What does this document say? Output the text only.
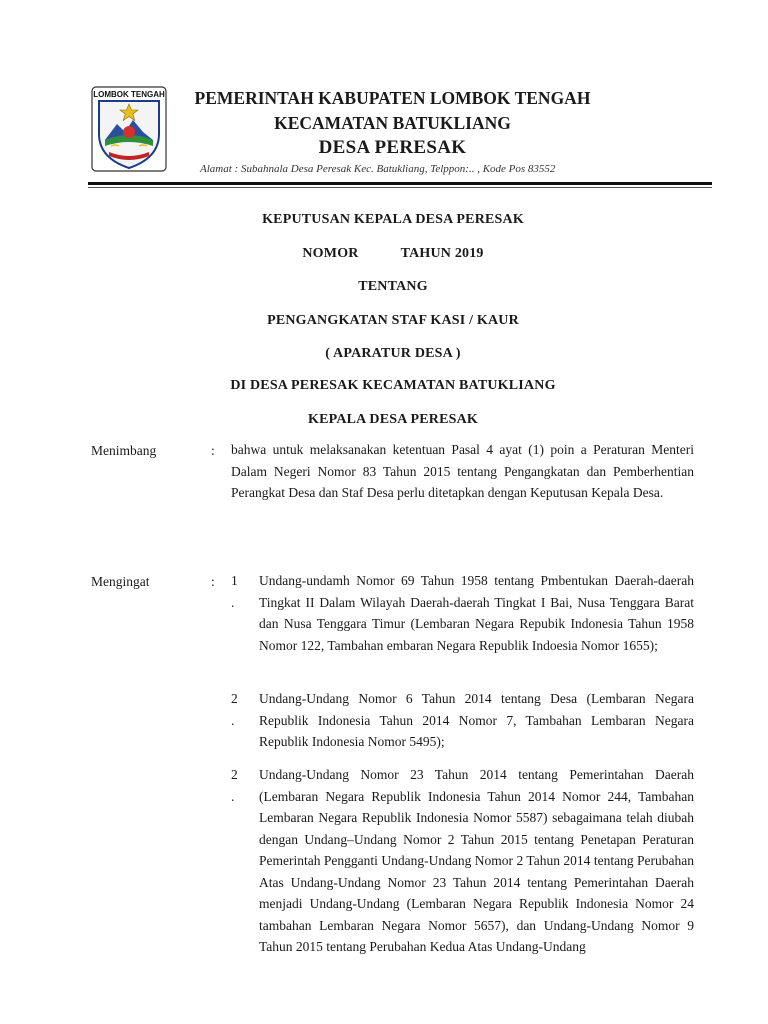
LOMBOK TENGAH	PEMERINTAH KABUPATEN LOMBOK TENGAH
KECAMATAN BATUKLIANG
DESA PERESAK
Alamat : Subahnala Desa Peresak Kec. Batukliang, Telppon:.. , Kode Pos 83552
KEPUTUSAN KEPALA DESA PERESAK
NOMOR	TAHUN 2019
TENTANG
PENGANGKATAN STAF KASI / KAUR
( APARATUR DESA )
DI DESA PERESAK KECAMATAN BATUKLIANG
KEPALA DESA PERESAK
Menimbang	: bahwa untuk melaksanakan ketentuan Pasal 4 ayat (1) poin a Peraturan Menteri Dalam Negeri Nomor 83 Tahun 2015 tentang Pengangkatan dan Pemberhentian Perangkat Desa dan Staf Desa perlu ditetapkan dengan Keputusan Kepala Desa.
Mengingat	: 1
.
Undang-undamh Nomor 69 Tahun 1958 tentang Pmbentukan Daerah-daerah Tingkat II Dalam Wilayah Daerah-daerah Tingkat I Bai, Nusa Tenggara Barat dan Nusa Tenggara Timur (Lembaran Negara Repubik Indonesia Tahun 1958 Nomor 122, Tambahan embaran Negara Republik Indoesia Nomor 1655);
2
.
Undang-Undang Nomor 6 Tahun 2014 tentang Desa (Lembaran Negara Republik Indonesia Tahun 2014 Nomor 7, Tambahan Lembaran Negara Republik Indonesia Nomor 5495);
2
.
Undang-Undang Nomor 23 Tahun 2014 tentang Pemerintahan Daerah (Lembaran Negara Republik Indonesia Tahun 2014 Nomor 244, Tambahan Lembaran Negara Republik Indonesia Nomor 5587) sebagaimana telah diubah dengan Undang–Undang Nomor 2 Tahun 2015 tentang Penetapan Peraturan Pemerintah Pengganti Undang-Undang Nomor 2 Tahun 2014 tentang Perubahan Atas Undang-Undang Nomor 23 Tahun 2014 tentang Pemerintahan Daerah menjadi Undang-Undang (Lembaran Negara Republik Indonesia Nomor 24 tambahan Lembaran Negara Nomor 5657), dan Undang-Undang Nomor 9 Tahun 2015 tentang Perubahan Kedua Atas Undang-Undang
